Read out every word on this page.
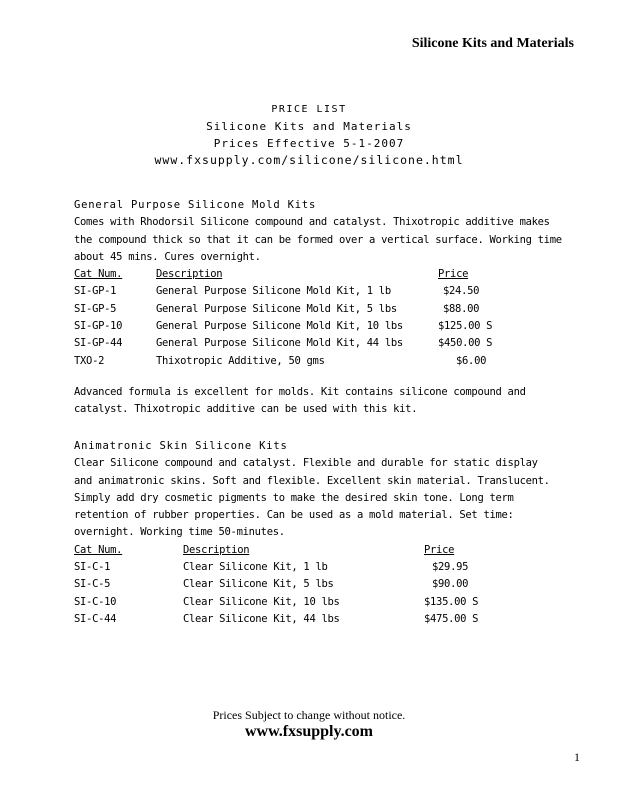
Silicone Kits and Materials
PRICE LIST
Silicone Kits and Materials
Prices Effective 5-1-2007
www.fxsupply.com/silicone/silicone.html
General Purpose Silicone Mold Kits

Comes with Rhodorsil Silicone compound and catalyst. Thixotropic additive makes

the compound thick so that it can be formed over a vertical surface. Working time

about 45 mins. Cures overnight.

Cat Num.	Description	Price
SI-GP-1	General Purpose Silicone Mold Kit, 1 lb	$24.50
SI-GP-5	General Purpose Silicone Mold Kit, 5 lbs	$88.00
SI-GP-10	General Purpose Silicone Mold Kit, 10 lbs	$125.00 S
SI-GP-44	General Purpose Silicone Mold Kit, 44 lbs	$450.00 S
TXO-2	Thixotropic Additive, 50 gms	$6.00

Advanced formula is excellent for molds. Kit contains silicone compound and

catalyst. Thixotropic additive can be used with this kit.

Animatronic Skin Silicone Kits

Clear Silicone compound and catalyst. Flexible and durable for static display

and animatronic skins. Soft and flexible. Excellent skin material. Translucent.

Simply add dry cosmetic pigments to make the desired skin tone. Long term

retention of rubber properties. Can be used as a mold material. Set time:

overnight. Working time 50-minutes.

Cat Num.	Description	Price
SI-C-1	Clear Silicone Kit, 1 lb	$29.95
SI-C-5	Clear Silicone Kit, 5 lbs	$90.00
SI-C-10	Clear Silicone Kit, 10 lbs	$135.00 S
SI-C-44	Clear Silicone Kit, 44 lbs	$475.00 S
Prices Subject to change without notice.
www.fxsupply.com
1
